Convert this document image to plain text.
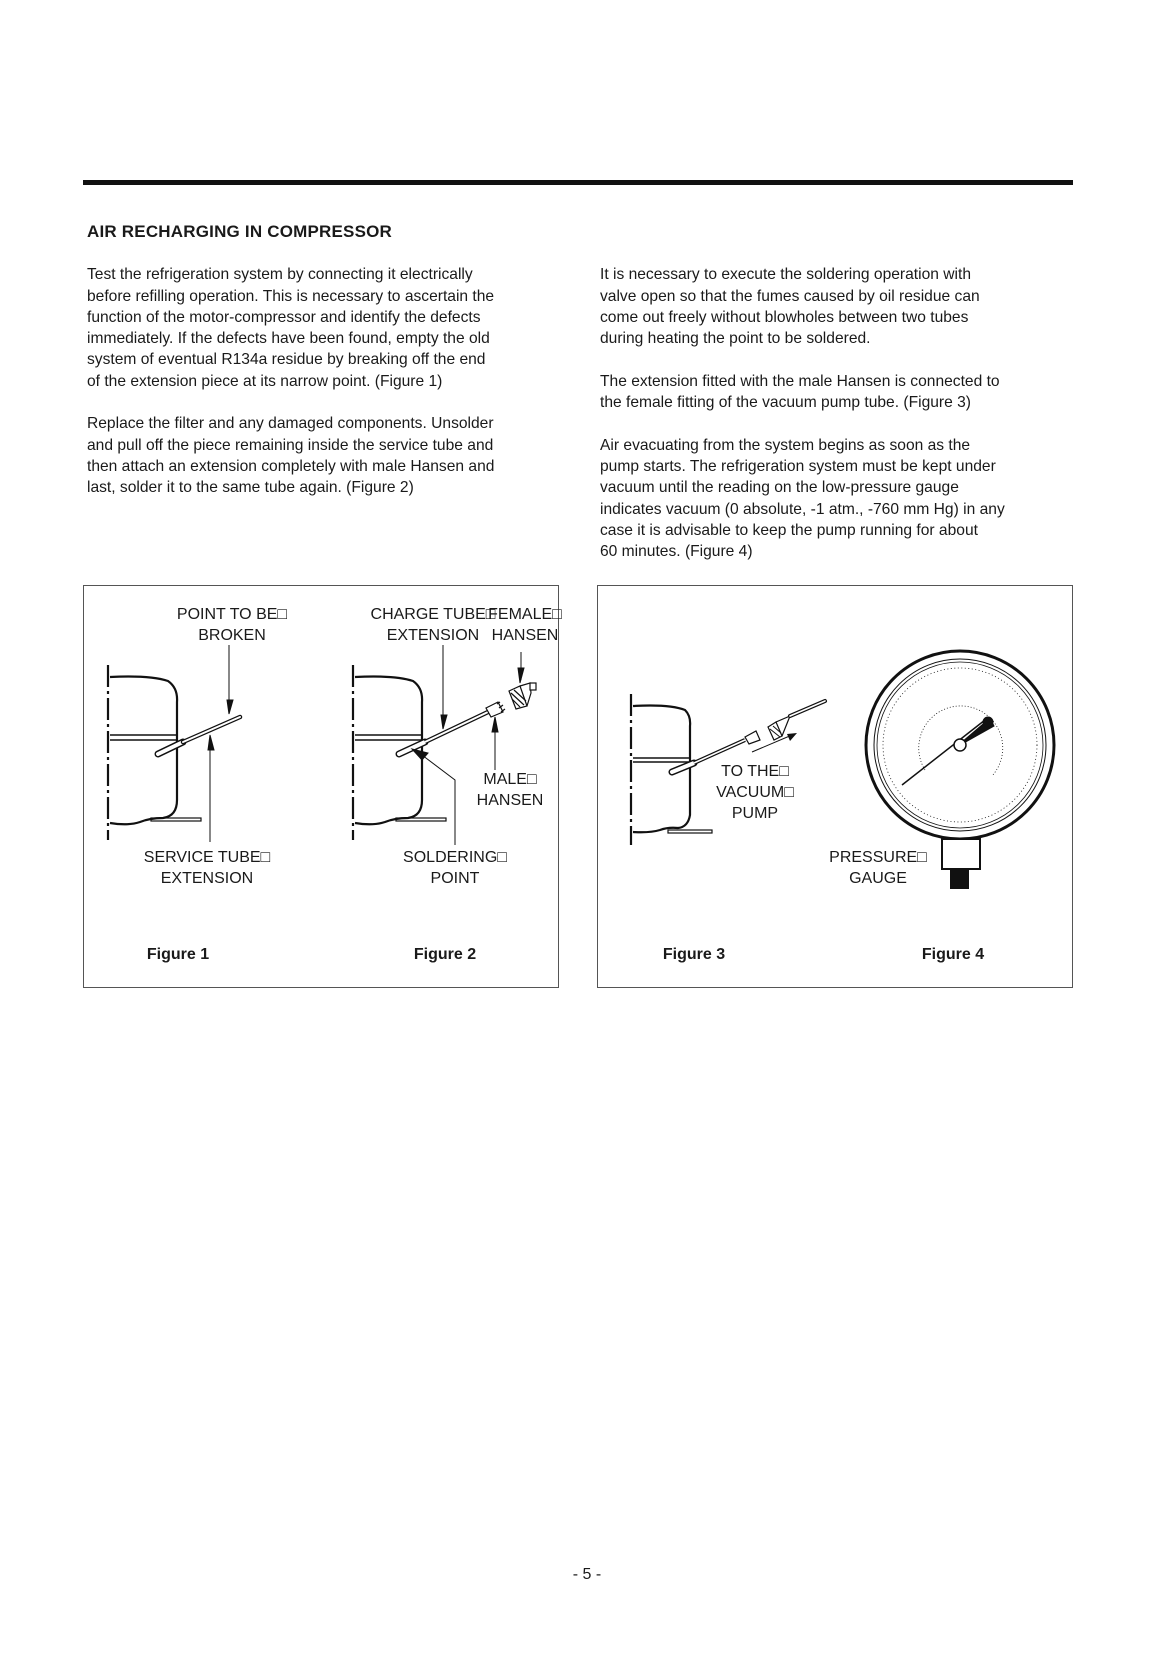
AIR RECHARGING IN COMPRESSOR

Test the refrigeration system by connecting it electrically
before refilling operation. This is necessary to ascertain the
function of the motor-compressor and identify the defects
immediately. If the defects have been found, empty the old
system of eventual R134a residue by breaking off the end
of the extension piece at its narrow point. (Figure 1)

Replace the filter and any damaged components. Unsolder
and pull off the piece remaining inside the service tube and
then attach an extension completely with male Hansen and
last, solder it to the same tube again. (Figure 2)

It is necessary to execute the soldering operation with
valve open so that the fumes caused by oil residue can
come out freely without blowholes between two tubes
during heating the point to be soldered.

The extension fitted with the male Hansen is connected to
the female fitting of the vacuum pump tube. (Figure 3)

Air evacuating from the system begins as soon as the
pump starts. The refrigeration system must be kept under
vacuum until the reading on the low-pressure gauge
indicates vacuum (0 absolute, -1 atm., -760 mm Hg) in any
case it is advisable to keep the pump running for about
60 minutes. (Figure 4)

POINT TO BE□
BROKEN
SERVICE TUBE□
EXTENSION
CHARGE TUBE□
EXTENSION
FEMALE□
HANSEN
MALE□
HANSEN
SOLDERING□
POINT
TO THE□
VACUUM□
PUMP
PRESSURE□
GAUGE
Figure 1	Figure 2	Figure 3	Figure 4
- 5 -
